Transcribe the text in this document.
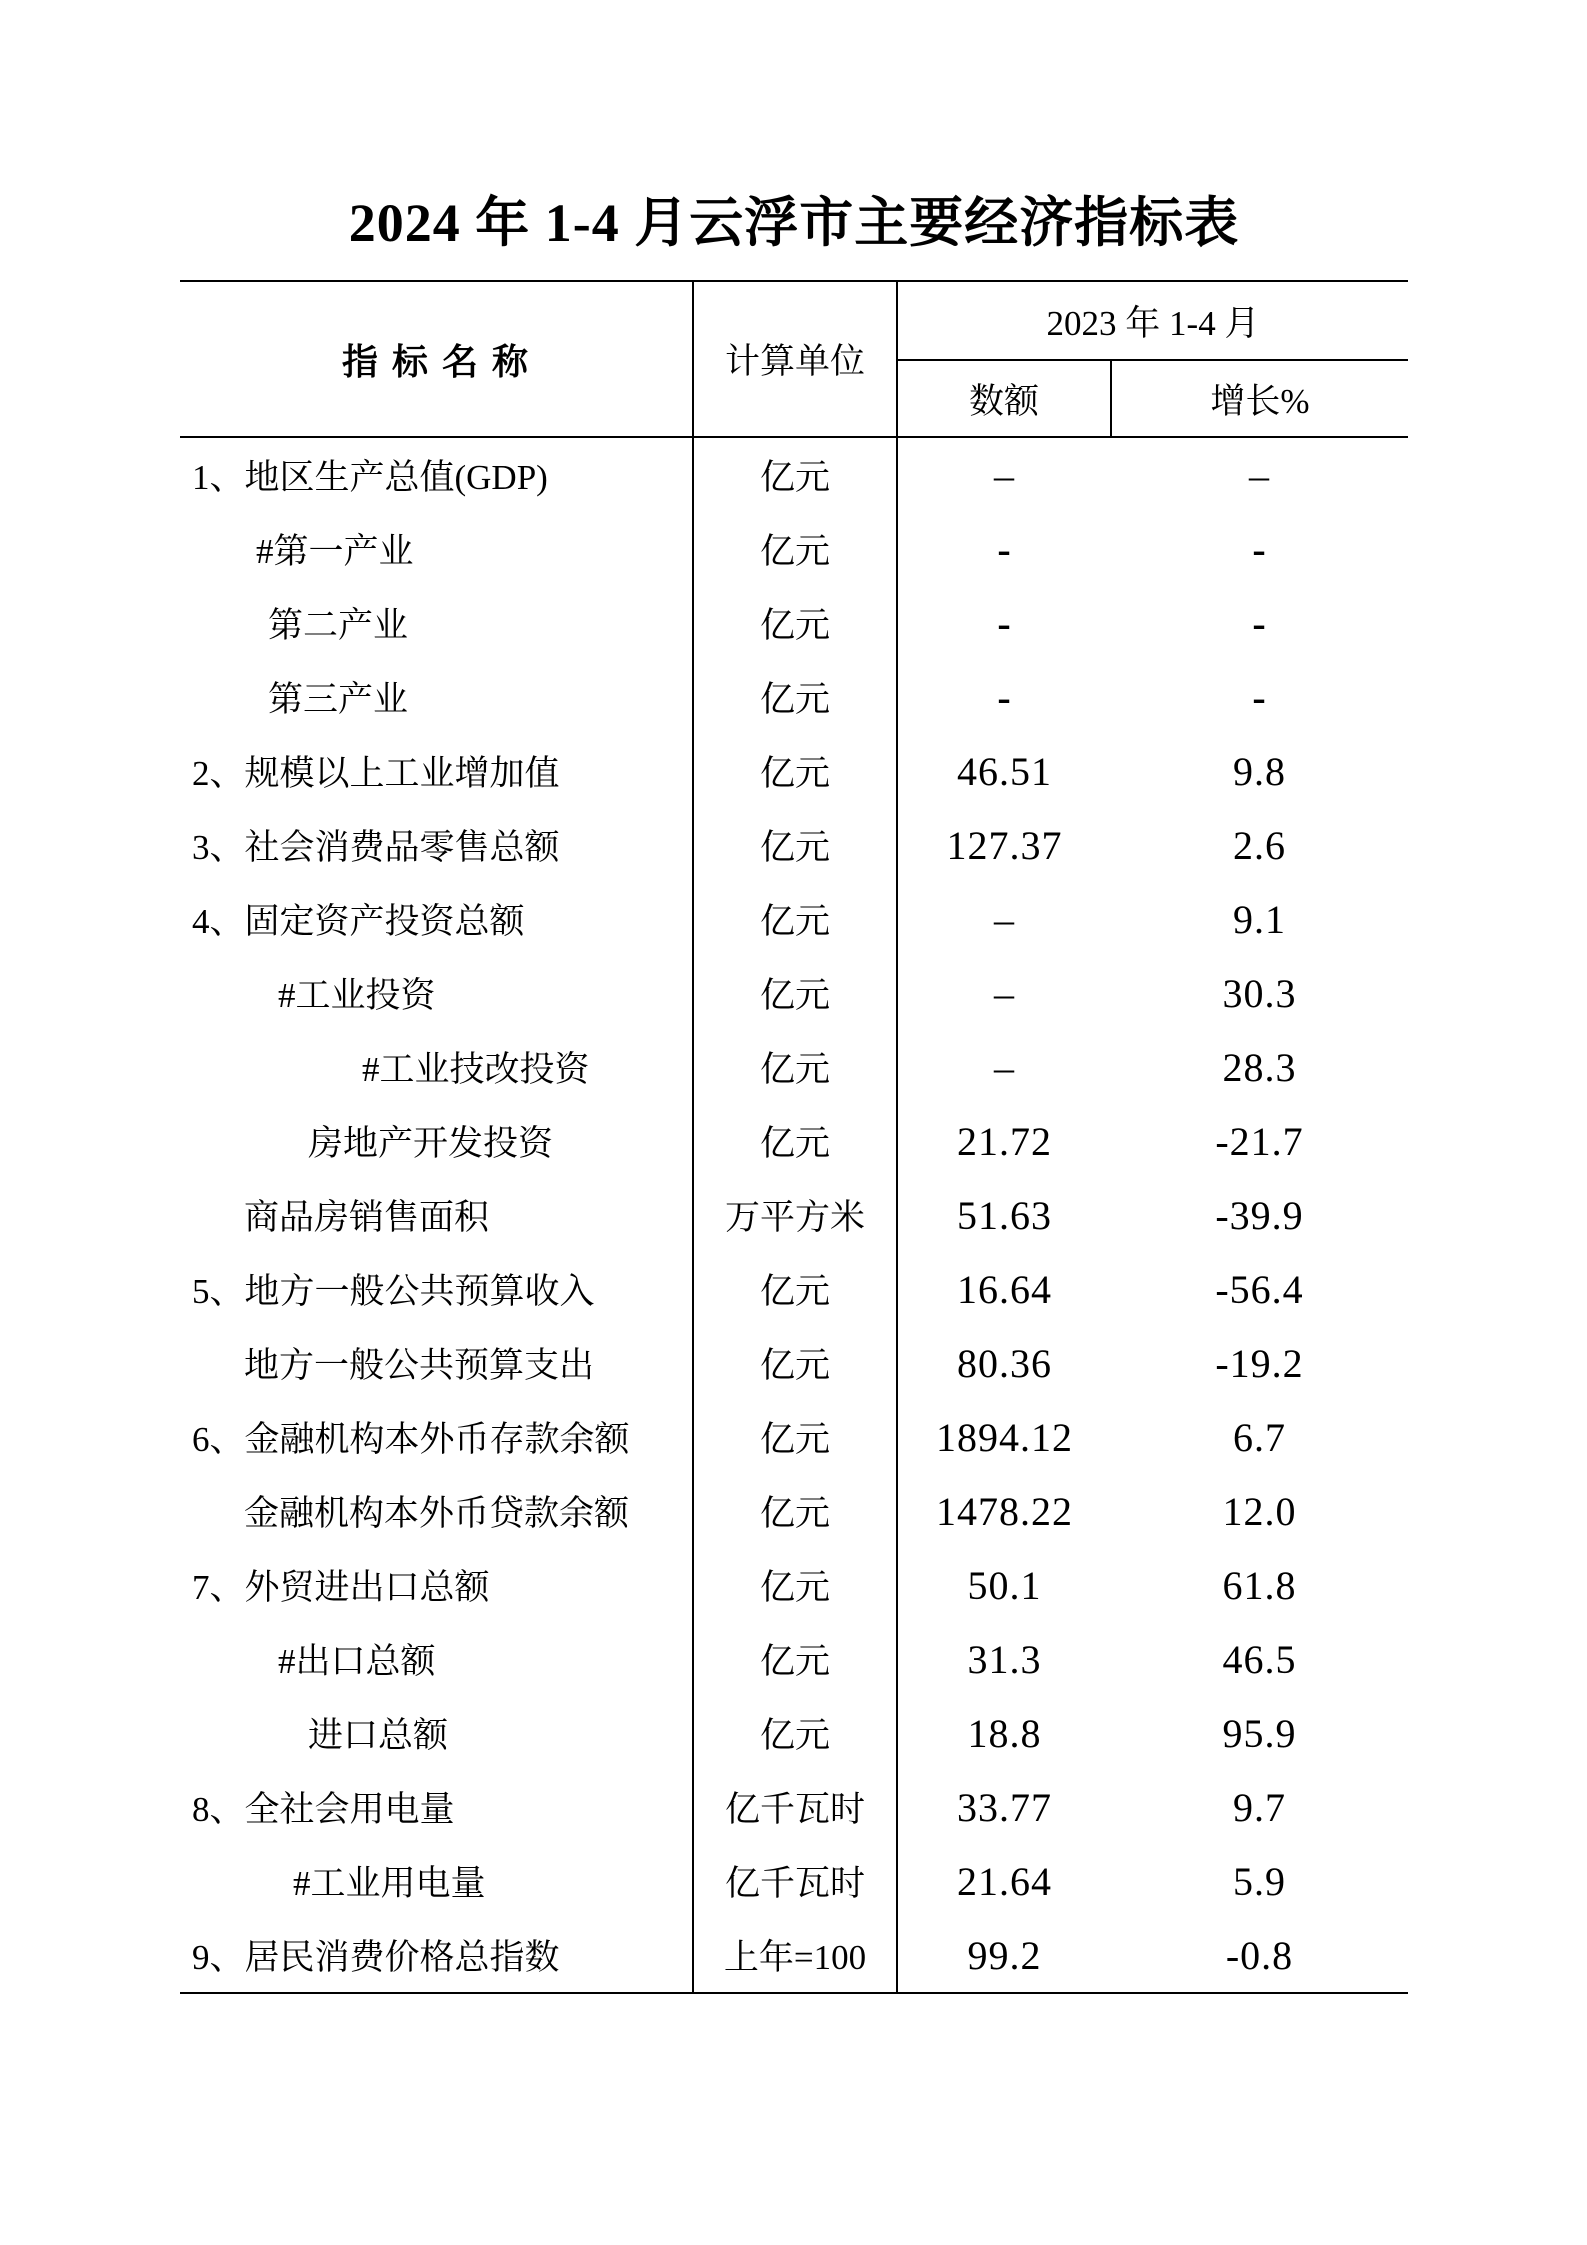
2024 年 1-4 月云浮市主要经济指标表
指 标 名 称	计算单位	2023 年 1-4 月	
		数额	增长%
1、地区生产总值(GDP)	亿元	–	–
#第一产业	亿元	-	-
第二产业	亿元	-	-
第三产业	亿元	-	-
2、规模以上工业增加值	亿元	46.51	9.8
3、社会消费品零售总额	亿元	127.37	2.6
4、固定资产投资总额	亿元	–	9.1
#工业投资	亿元	–	30.3
#工业技改投资	亿元	–	28.3
房地产开发投资	亿元	21.72	-21.7
商品房销售面积	万平方米	51.63	-39.9
5、地方一般公共预算收入	亿元	16.64	-56.4
地方一般公共预算支出	亿元	80.36	-19.2
6、金融机构本外币存款余额	亿元	1894.12	6.7
金融机构本外币贷款余额	亿元	1478.22	12.0
7、外贸进出口总额	亿元	50.1	61.8
#出口总额	亿元	31.3	46.5
进口总额	亿元	18.8	95.9
8、全社会用电量	亿千瓦时	33.77	9.7
#工业用电量	亿千瓦时	21.64	5.9
9、居民消费价格总指数	上年=100	99.2	-0.8
